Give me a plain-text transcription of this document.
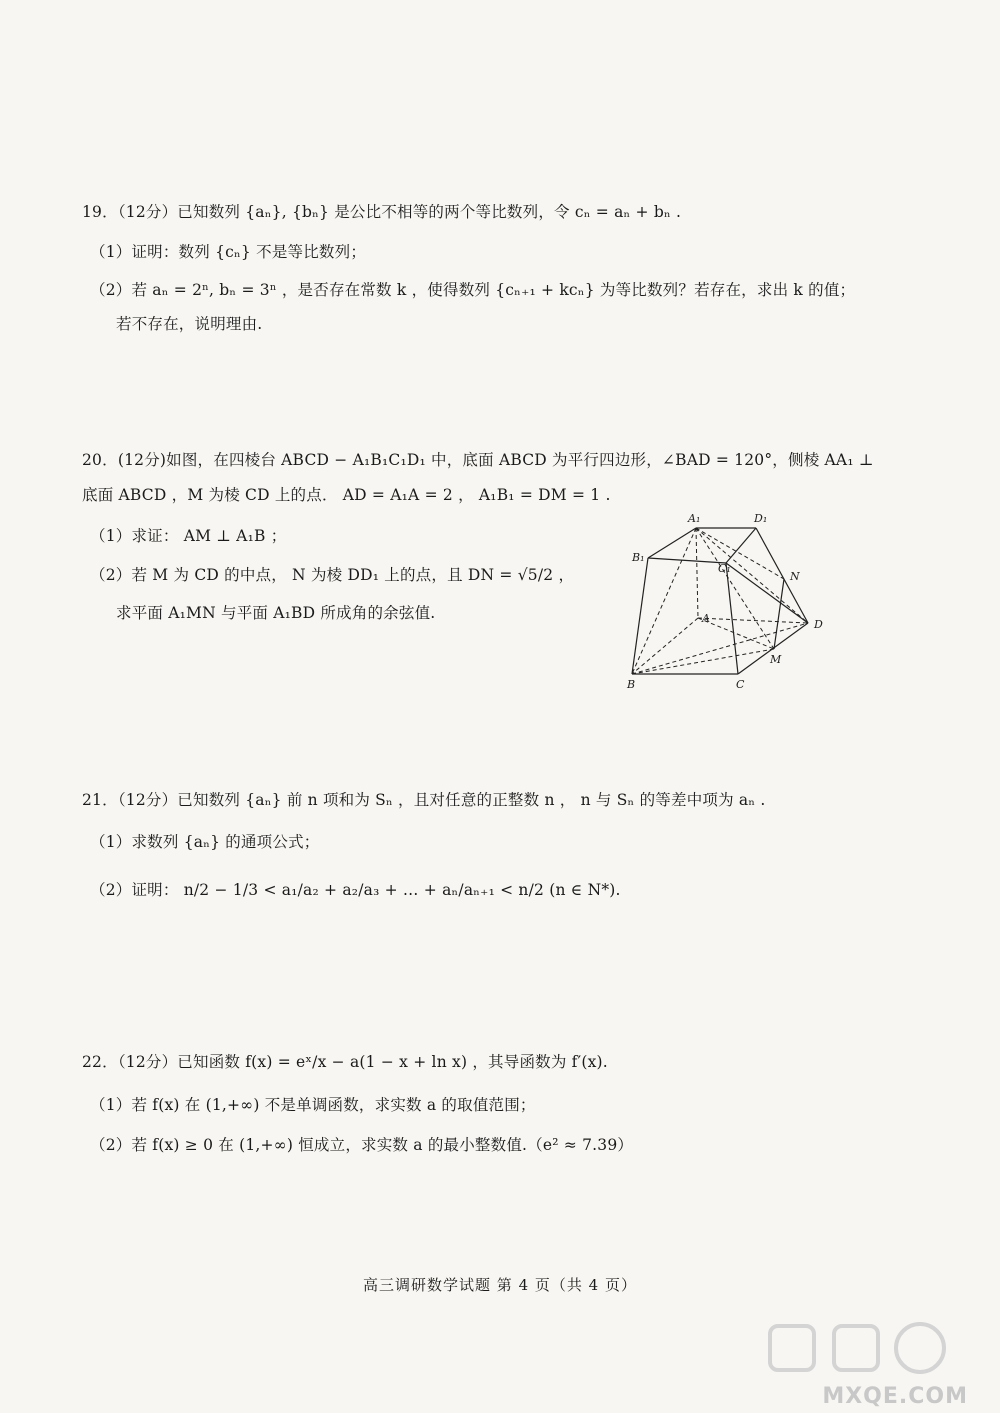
19．（12分）已知数列 {aₙ}, {bₙ} 是公比不相等的两个等比数列，令 cₙ = aₙ + bₙ .
（1）证明：数列 {cₙ} 不是等比数列；
（2）若 aₙ = 2ⁿ, bₙ = 3ⁿ ，是否存在常数 k ，使得数列 {cₙ₊₁ + kcₙ} 为等比数列？若存在，求出 k 的值；
若不存在，说明理由.
20．(12分)如图，在四棱台 ABCD − A₁B₁C₁D₁ 中，底面 ABCD 为平行四边形，∠BAD = 120°，侧棱 AA₁ ⊥
底面 ABCD ，M 为棱 CD 上的点． AD = A₁A = 2 ， A₁B₁ = DM = 1 .
（1）求证： AM ⊥ A₁B ；
（2）若 M 为 CD 的中点， N 为棱 DD₁ 上的点，且 DN = √5/2 ，
求平面 A₁MN 与平面 A₁BD 所成角的余弦值.
A₁	D₁
B₁
C₁
A
B	C
D
M
N
21．（12分）已知数列 {aₙ} 前 n 项和为 Sₙ ，且对任意的正整数 n ， n 与 Sₙ 的等差中项为 aₙ .
（1）求数列 {aₙ} 的通项公式；
（2）证明： n/2 − 1/3 < a₁/a₂ + a₂/a₃ + … + aₙ/aₙ₊₁ < n/2 (n ∈ N*).
22．（12分）已知函数 f(x) = eˣ/x − a(1 − x + ln x) ，其导函数为 f′(x).
（1）若 f(x) 在 (1,+∞) 不是单调函数，求实数 a 的取值范围；
（2）若 f(x) ≥ 0 在 (1,+∞) 恒成立，求实数 a 的最小整数值.（e² ≈ 7.39）
高三调研数学试题 第 4 页（共 4 页）
MXQE.COM
